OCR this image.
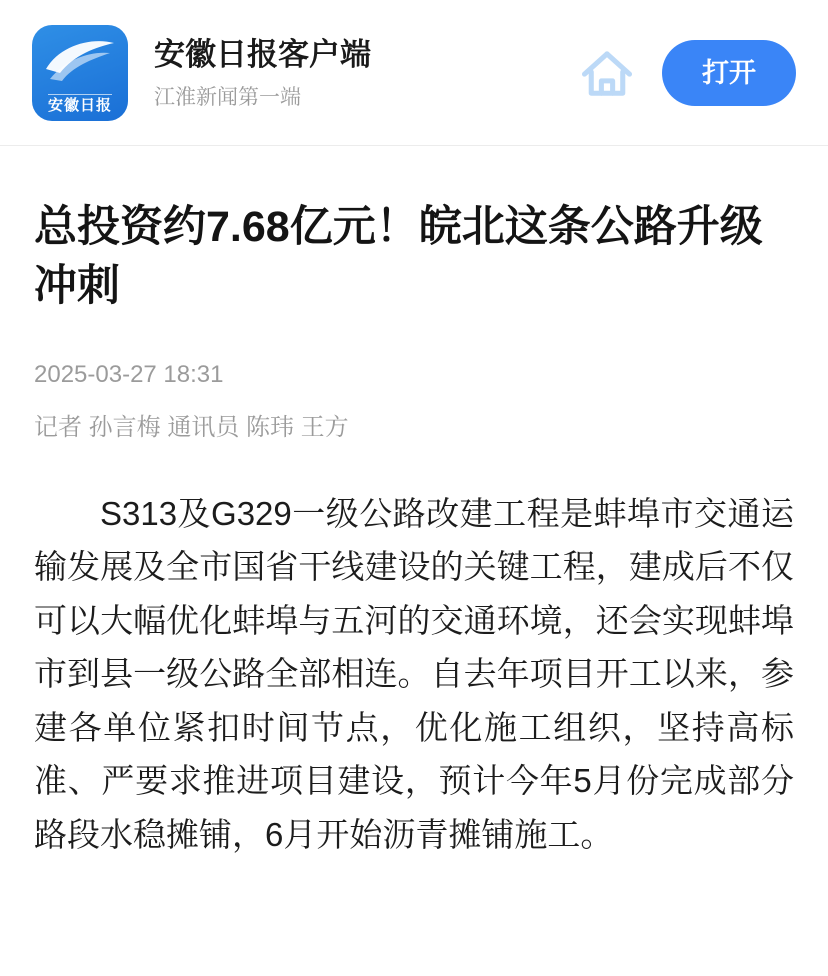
安徽日报
安徽日报客户端
江淮新闻第一端
打开
总投资约7.68亿元！皖北这条公路升级冲刺
2025-03-27 18:31
记者 孙言梅 通讯员 陈玮 王方

S313及G329一级公路改建工程是蚌埠市交通运输发展及全市国省干线建设的关键工程，建成后不仅可以大幅优化蚌埠与五河的交通环境，还会实现蚌埠市到县一级公路全部相连。自去年项目开工以来，参建各单位紧扣时间节点，优化施工组织，坚持高标准、严要求推进项目建设，预计今年5月份完成部分路段水稳摊铺，6月开始沥青摊铺施工。
